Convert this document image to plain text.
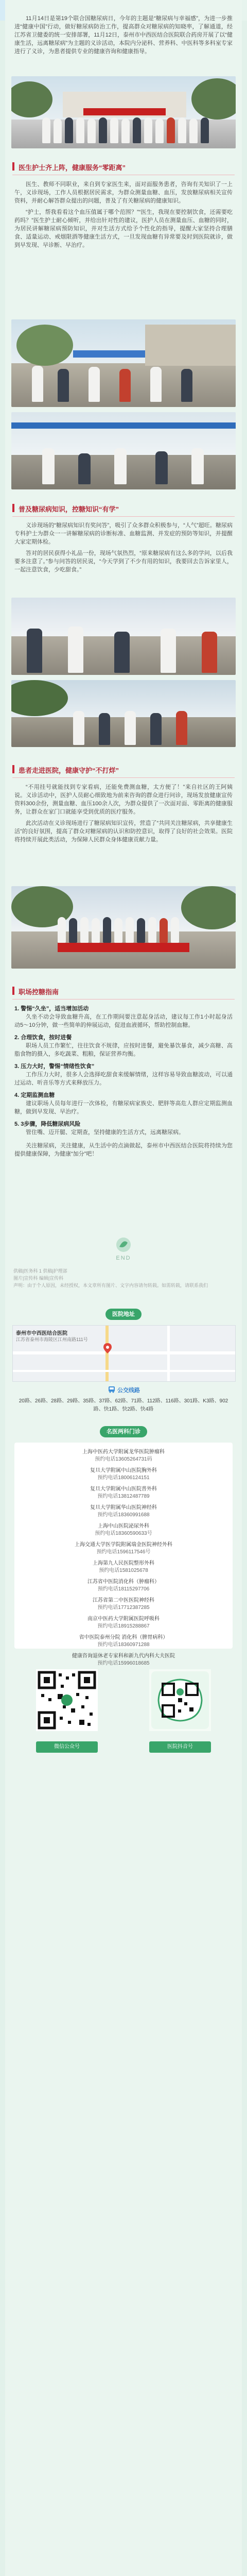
11月14日是第19个联合国糖尿病日，今年的主题是“糖尿病与幸福感”，为进一步推进“健康中国”行动，做好糖尿病防治工作，提高群众对糖尿病的知晓率，了解通道，经江苏省卫健委的统一安排部署，11月12日，泰州市中西医结合医院联合药房开展了以“健康生活，远离糖尿病”为主题的义诊活动，本院内分泌科、营养科、中医科等多科室专家进行了义诊，为患者提供专业的健康咨询和健康指导。

医生护士齐上阵，健康服务“零距离”

医生、教师不同职业，来自到专家医生来，面对面服务患者，咨询有关知识了一上午，义诊现场，工作人员根据居民需求，为群众测量血糖、血压，发放糖尿病相关宣传资料，并耐心解答群众提出的问题，普及了有关糖尿病的健康知识。

“护士，帮我看看这个血压值属于哪个范围？”“医生，我现在要控制饮食，还需要吃药吗？”医生护士耐心倾听，并给出针对性的建议，医护人员在测量血压、血糖的同时，为居民讲解糖尿病预防知识，并对生活方式给予个性化的指导，提醒大家坚持合理膳食、适量运动、戒烟限酒等健康生活方式，一旦发现血糖有异常要及时到医院就诊，做到早发现、早诊断、早治疗。

普及糖尿病知识，控糖知识“有学”

义诊现场的“糖尿病知识有奖问答”，吸引了众多群众积极参与，“人气”超旺。糖尿病专科护士为群众一一讲解糖尿病的诊断标准、血糖监测、并发症的预防等知识，并提醒大家定期体检。

答对的居民获得小礼品一份，现场气氛热烈，“原来糖尿病有这么多的学问，以后我要多注意了。”参与问答的居民说，“今天学到了不少有用的知识，我要回去告诉家里人，一起注意饮食，少吃甜食。”

患者走进医院，健康守护“不打烊”

“不用挂号就能找到专家看病，还能免费测血糖，太方便了！”来自社区的王阿姨说。义诊活动中，医护人员耐心细致地为前来咨询的群众进行问诊，现场发放健康宣传资料300余份，测量血糖、血压100余人次，为群众提供了一次面对面、零距离的健康服务，让群众在家门口就能享受到优质的医疗服务。

此次活动在义诊现场进行了糖尿病知识宣传，营造了“共同关注糖尿病，共享健康生活”的良好氛围，提高了群众对糖尿病的认识和防控意识，取得了良好的社会效果。医院将持续开展此类活动，为保障人民群众身体健康贡献力量。

职场控糖指南
1. 警惕“久坐”，适当增加活动

久坐不动会导致血糖升高，在工作期间要注意起身活动，建议每工作1小时起身活动5～10分钟，做一些简单的伸展运动，促进血液循环，帮助控制血糖。

2. 合理饮食，按时进餐

职场人员工作繁忙，往往饮食不规律，应按时进餐，避免暴饮暴食，减少高糖、高脂食物的摄入，多吃蔬菜、粗粮，保证营养均衡。

3. 压力大时，警惕“情绪性饮食”

工作压力大时，很多人会选择吃甜食来缓解情绪，这样容易导致血糖波动，可以通过运动、听音乐等方式来释放压力。

4. 定期监测血糖

建议职场人员每年进行一次体检，有糖尿病家族史、肥胖等高危人群应定期监测血糖，做到早发现、早治疗。

5. 3步骤，降低糖尿病风险

管住嘴、迈开腿、定期查，坚持健康的生活方式，远离糖尿病。

关注糖尿病，关注健康，从生活中的点滴做起，泰州市中西医结合医院将持续为您提供健康保障，为健康“加分”吧！

END
供稿|医务科 1 供稿|护理部
图片|宣传科 编辑|宣传科
声明：由于个人原因，未经授权，本文章所有图片、文字内容请勿转载。如需转载，请联系我们
医院地址
泰州市中西医结合医院
江苏省泰州市海陵区江州南路111号
公交线路

20路、26路、28路、29路、35路、37路、62路、71路、112路、116路、301路、K3路、902路、快1路、快2路、快4路

名医两科门诊
上海中医药大学附属龙华医院肿瘤科
预约电话13605264731码
复旦大学附属中山医院胸外科
预约电话18006124151
复旦大学附属中山医院普外科
预约电话13812487789
复旦大学附属华山医院神经科
预约电话18360991688
上海中山医院泌尿外科
预约电话18360590633号
上海交通大学医学院附属瑞金医院神经外科
预约电话1596117546号
上海第九人民医院整形外科
预约电话1581025678
江苏省中医院消化科（肿瘤科）
预约电话18115297706
江苏省第二中医医院神经科
预约电话17712387285
南京中医药大学附属医院呼吸科
预约电话18915288867
省中医院泰州分院 消化科（脾胃病科）
预约电话18360971288
健康咨询退休老专家科和新九代内科大夫医院
预约电话15996018685
微信公众号	医院抖音号
